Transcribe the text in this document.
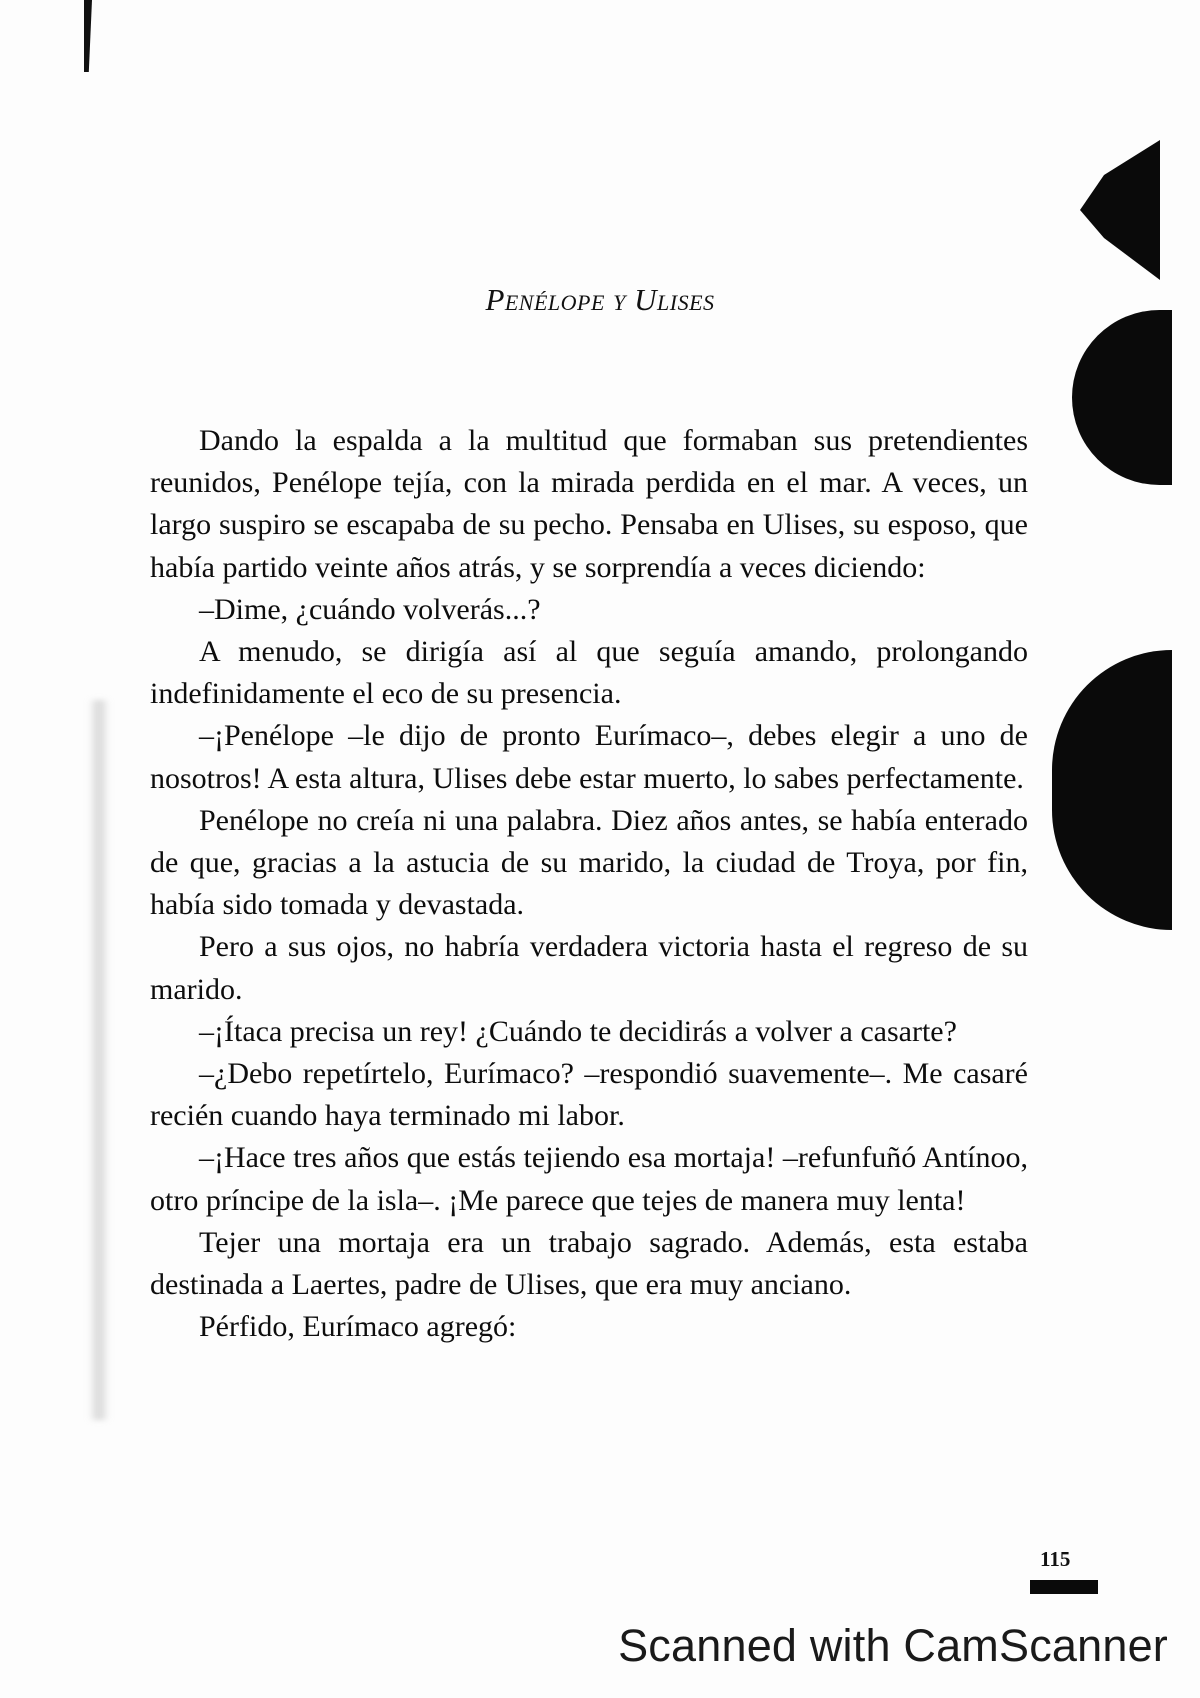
Penélope y Ulises

Dando la espalda a la multitud que formaban sus pretendientes reunidos, Penélope tejía, con la mirada perdida en el mar. A veces, un largo suspiro se escapaba de su pecho. Pensaba en Ulises, su esposo, que había partido veinte años atrás, y se sorprendía a veces diciendo:

–Dime, ¿cuándo volverás...?

A menudo, se dirigía así al que seguía amando, prolongando indefinidamente el eco de su presencia.

–¡Penélope –le dijo de pronto Eurímaco–, debes elegir a uno de nosotros! A esta altura, Ulises debe estar muerto, lo sabes perfectamente.

Penélope no creía ni una palabra. Diez años antes, se había enterado de que, gracias a la astucia de su marido, la ciudad de Troya, por fin, había sido tomada y devastada.

Pero a sus ojos, no habría verdadera victoria hasta el regreso de su marido.

–¡Ítaca precisa un rey! ¿Cuándo te decidirás a volver a casarte?

–¿Debo repetírtelo, Eurímaco? –respondió suavemente–. Me casaré recién cuando haya terminado mi labor.

–¡Hace tres años que estás tejiendo esa mortaja! –refunfuñó Antínoo, otro príncipe de la isla–. ¡Me parece que tejes de manera muy lenta!

Tejer una mortaja era un trabajo sagrado. Además, esta estaba destinada a Laertes, padre de Ulises, que era muy anciano.

Pérfido, Eurímaco agregó:

115
Scanned with CamScanner
